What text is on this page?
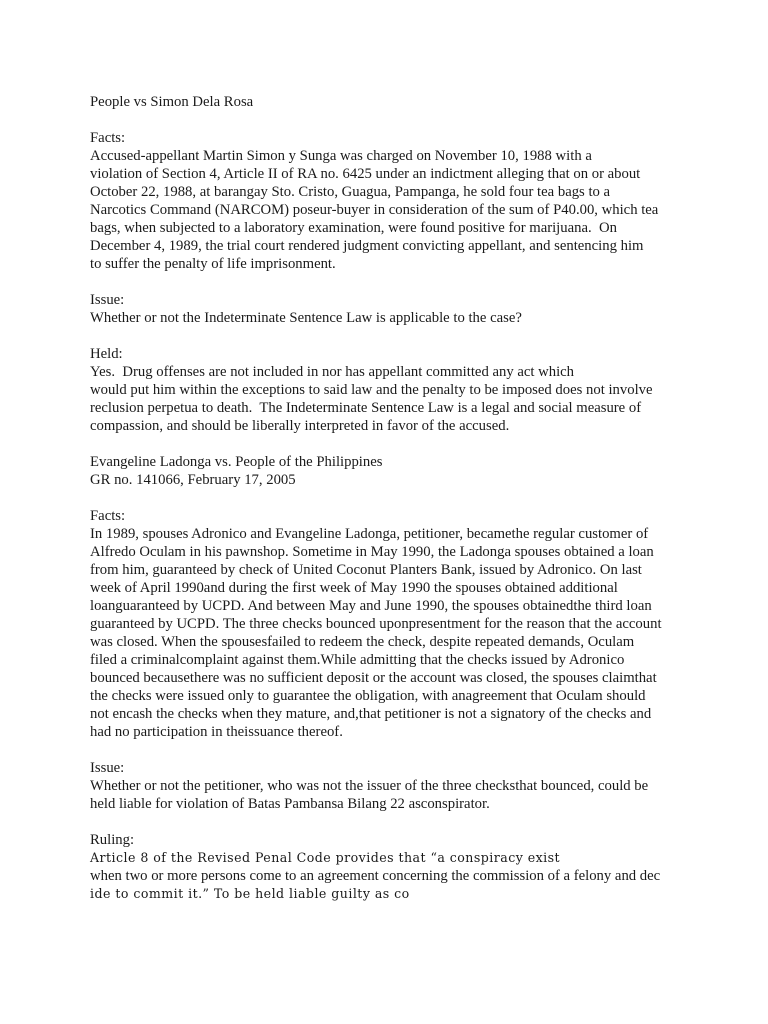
People vs Simon Dela Rosa
Facts:
Accused-appellant Martin Simon y Sunga was charged on November 10, 1988 with a
violation of Section 4, Article II of RA no. 6425 under an indictment alleging that on or about
October 22, 1988, at barangay Sto. Cristo, Guagua, Pampanga, he sold four tea bags to a
Narcotics Command (NARCOM) poseur-buyer in consideration of the sum of P40.00, which tea
bags, when subjected to a laboratory examination, were found positive for marijuana.  On
December 4, 1989, the trial court rendered judgment convicting appellant, and sentencing him
to suffer the penalty of life imprisonment.
Issue:
Whether or not the Indeterminate Sentence Law is applicable to the case?
Held:
Yes.  Drug offenses are not included in nor has appellant committed any act which
would put him within the exceptions to said law and the penalty to be imposed does not involve
reclusion perpetua to death.  The Indeterminate Sentence Law is a legal and social measure of
compassion, and should be liberally interpreted in favor of the accused.
Evangeline Ladonga vs. People of the Philippines
GR no. 141066, February 17, 2005
Facts:
In 1989, spouses Adronico and Evangeline Ladonga, petitioner, becamethe regular customer of
Alfredo Oculam in his pawnshop. Sometime in May 1990, the Ladonga spouses obtained a loan
from him, guaranteed by check of United Coconut Planters Bank, issued by Adronico. On last
week of April 1990and during the first week of May 1990 the spouses obtained additional
loanguaranteed by UCPD. And between May and June 1990, the spouses obtainedthe third loan
guaranteed by UCPD. The three checks bounced uponpresentment for the reason that the account
was closed. When the spousesfailed to redeem the check, despite repeated demands, Oculam
filed a criminalcomplaint against them.While admitting that the checks issued by Adronico
bounced becausethere was no sufficient deposit or the account was closed, the spouses claimthat
the checks were issued only to guarantee the obligation, with anagreement that Oculam should
not encash the checks when they mature, and,that petitioner is not a signatory of the checks and
had no participation in theissuance thereof.
Issue:
Whether or not the petitioner, who was not the issuer of the three checksthat bounced, could be
held liable for violation of Batas Pambansa Bilang 22 asconspirator.
Ruling:
Article 8 of the Revised Penal Code provides that “a conspiracy exist
when two or more persons come to an agreement concerning the commission of a felony and dec
ide to commit it.” To be held liable guilty as co
